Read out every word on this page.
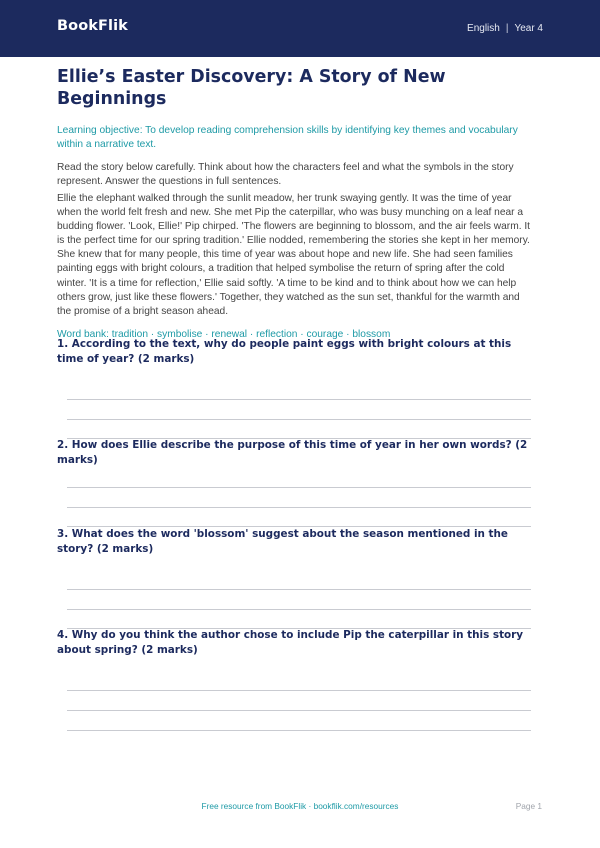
BookFlik	English | Year 4
Ellie’s Easter Discovery: A Story of New Beginnings

Learning objective: To develop reading comprehension skills by identifying key themes and vocabulary within a narrative text.

Read the story below carefully. Think about how the characters feel and what the symbols in the story represent. Answer the questions in full sentences.

Ellie the elephant walked through the sunlit meadow, her trunk swaying gently. It was the time of year when the world felt fresh and new. She met Pip the caterpillar, who was busy munching on a leaf near a budding flower. 'Look, Ellie!' Pip chirped. 'The flowers are beginning to blossom, and the air feels warm. It is the perfect time for our spring tradition.' Ellie nodded, remembering the stories she kept in her memory. She knew that for many people, this time of year was about hope and new life. She had seen families painting eggs with bright colours, a tradition that helped symbolise the return of spring after the cold winter. 'It is a time for reflection,' Ellie said softly. 'A time to be kind and to think about how we can help others grow, just like these flowers.' Together, they watched as the sun set, thankful for the warmth and the promise of a bright season ahead.

Word bank: tradition · symbolise · renewal · reflection · courage · blossom

1. According to the text, why do people paint eggs with bright colours at this time of year? (2 marks)
2. How does Ellie describe the purpose of this time of year in her own words? (2 marks)
3. What does the word 'blossom' suggest about the season mentioned in the story? (2 marks)
4. Why do you think the author chose to include Pip the caterpillar in this story about spring? (2 marks)
Free resource from BookFlik · bookflik.com/resources	Page 1
